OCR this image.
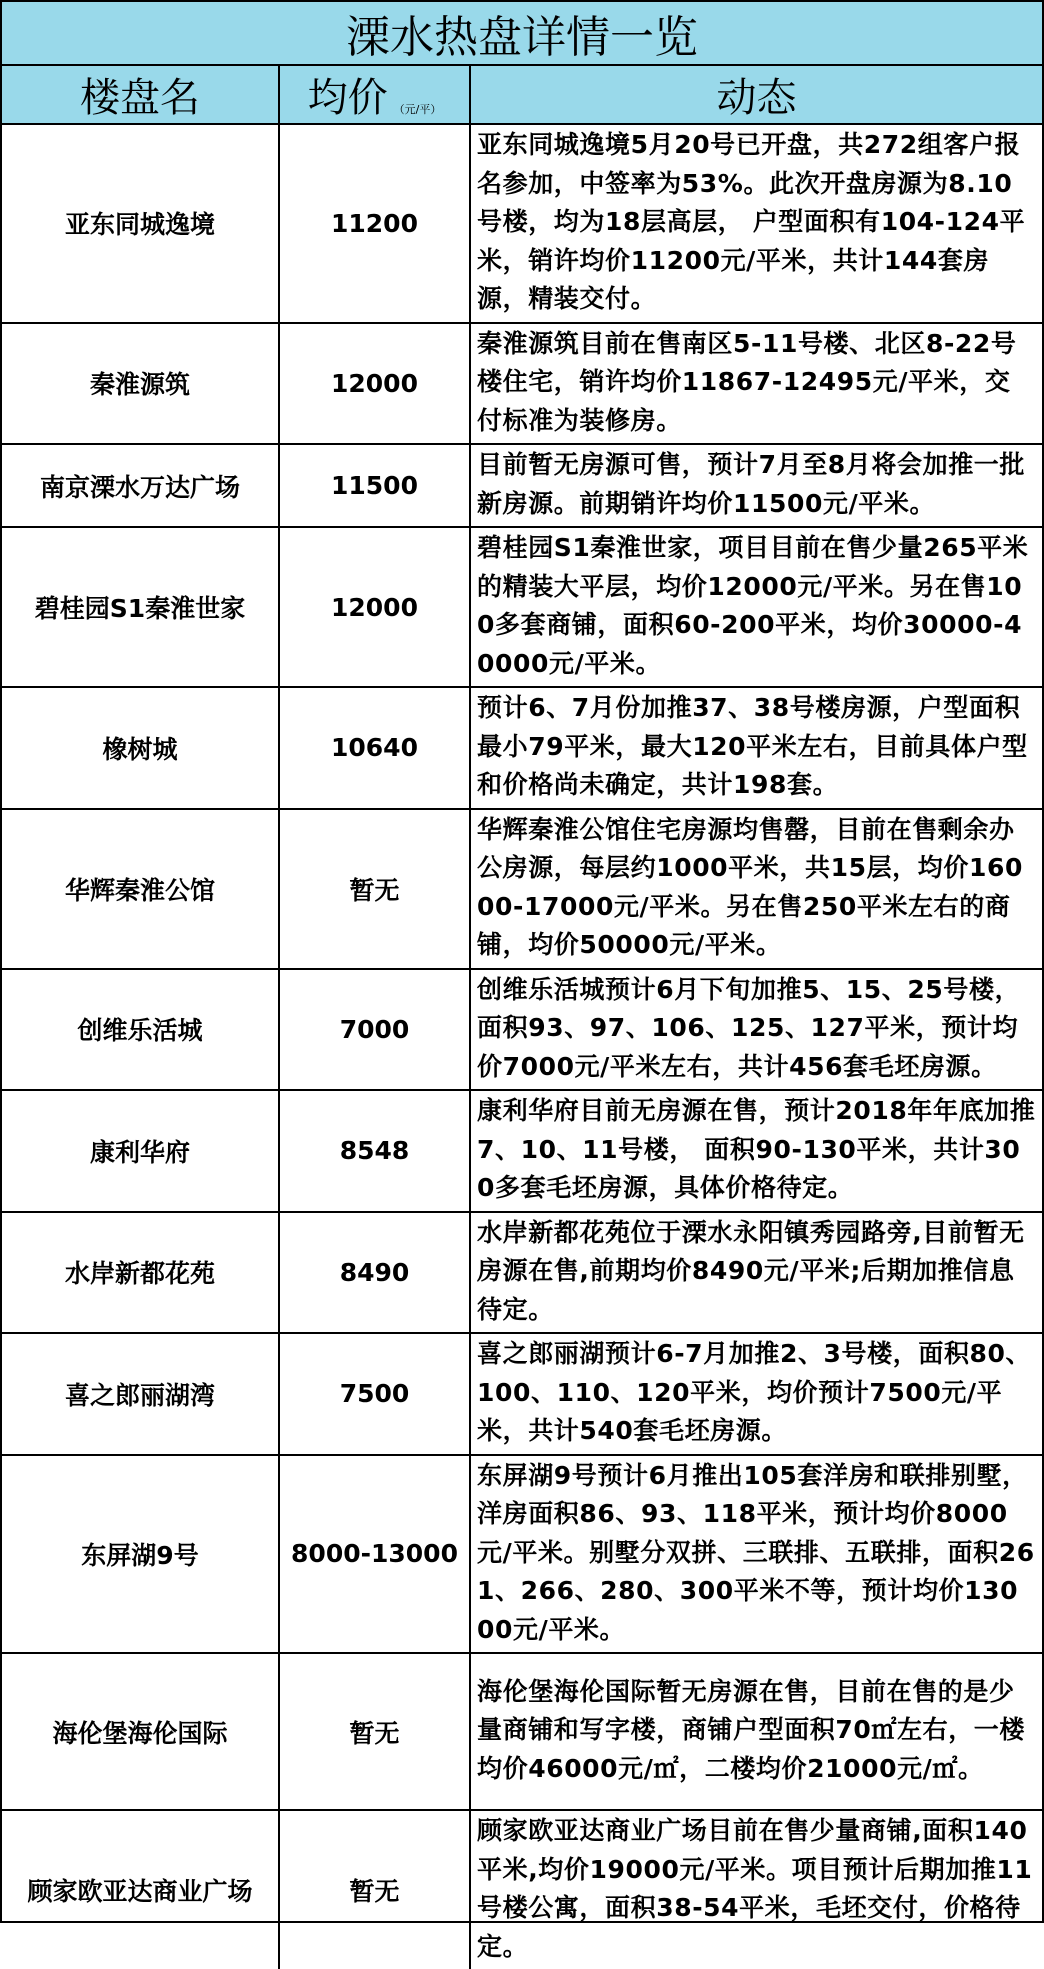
溧水热盘详情一览
楼盘名	均价 （元/平）	动态
亚东同城逸境	11200	亚东同城逸境5月20号已开盘，共272组客户报名参加，中签率为53%。此次开盘房源为8.10号楼，均为18层高层， 户型面积有104-124平米，销许均价11200元/平米，共计144套房源，精装交付。
秦淮源筑	12000	秦淮源筑目前在售南区5-11号楼、北区8-22号楼住宅，销许均价11867-12495元/平米，交付标准为装修房。
南京溧水万达广场	11500	目前暂无房源可售，预计7月至8月将会加推一批新房源。前期销许均价11500元/平米。
碧桂园S1秦淮世家	12000	碧桂园S1秦淮世家，项目目前在售少量265平米的精装大平层，均价12000元/平米。另在售100多套商铺，面积60-200平米，均价30000-40000元/平米。
橡树城	10640	预计6、7月份加推37、38号楼房源，户型面积最小79平米，最大120平米左右，目前具体户型和价格尚未确定，共计198套。
华辉秦淮公馆	暂无	华辉秦淮公馆住宅房源均售罄，目前在售剩余办公房源，每层约1000平米，共15层，均价16000-17000元/平米。另在售250平米左右的商铺，均价50000元/平米。
创维乐活城	7000	创维乐活城预计6月下旬加推5、15、25号楼，面积93、97、106、125、127平米，预计均价7000元/平米左右，共计456套毛坯房源。
康利华府	8548	康利华府目前无房源在售，预计2018年年底加推7、10、11号楼， 面积90-130平米，共计300多套毛坯房源，具体价格待定。
水岸新都花苑	8490	水岸新都花苑位于溧水永阳镇秀园路旁,目前暂无房源在售,前期均价8490元/平米;后期加推信息待定。
喜之郎丽湖湾	7500	喜之郎丽湖预计6-7月加推2、3号楼，面积80、100、110、120平米，均价预计7500元/平米，共计540套毛坯房源。
东屏湖9号	8000-13000	东屏湖9号预计6月推出105套洋房和联排别墅，洋房面积86、93、118平米，预计均价8000元/平米。别墅分双拼、三联排、五联排，面积261、266、280、300平米不等，预计均价13000元/平米。
海伦堡海伦国际	暂无	海伦堡海伦国际暂无房源在售，目前在售的是少量商铺和写字楼，商铺户型面积70㎡左右，一楼均价46000元/㎡，二楼均价21000元/㎡。
顾家欧亚达商业广场	暂无	顾家欧亚达商业广场目前在售少量商铺,面积140平米,均价19000元/平米。项目预计后期加推11号楼公寓，面积38-54平米，毛坯交付，价格待定。
